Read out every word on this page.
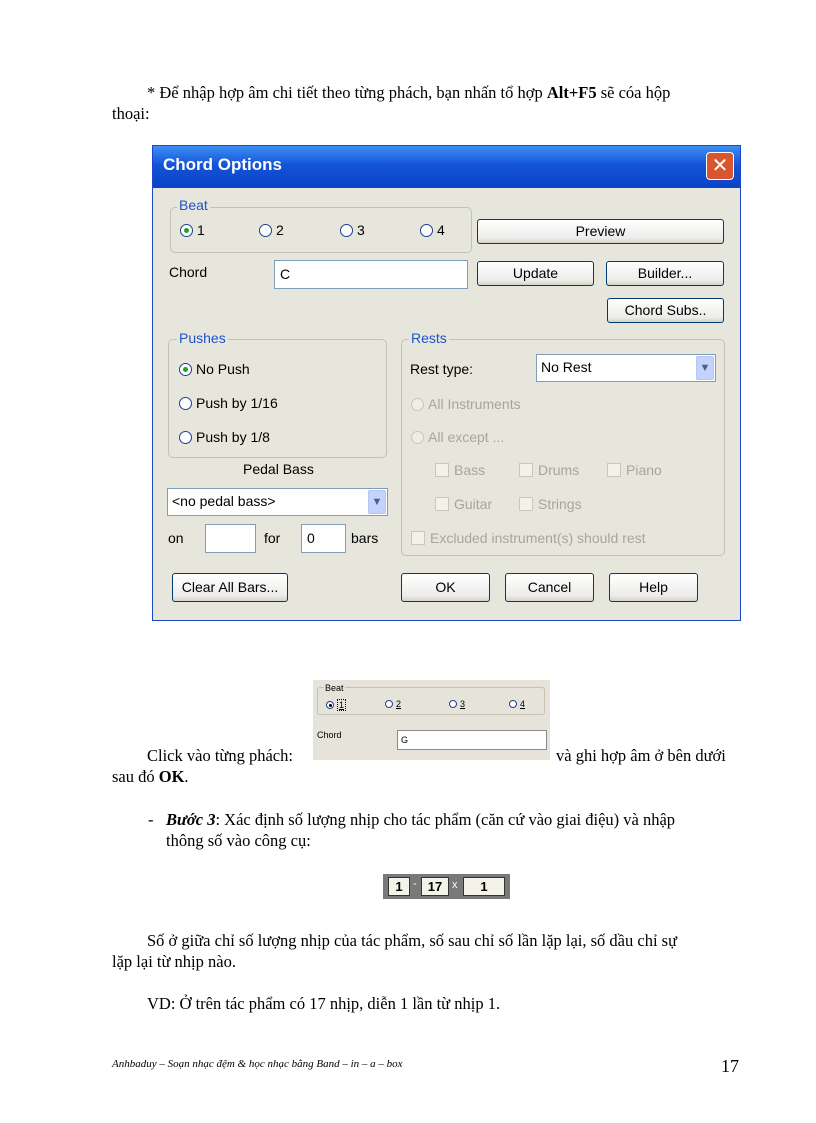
* Để nhập hợp âm chi tiết theo từng phách, bạn nhấn tổ hợp Alt+F5 sẽ cóa hộp
thoại:
Chord Options	✕
Beat
1	2	3	4	Preview
Chord	C	Update	Builder...
Chord Subs..
Pushes
No Push
Push by 1/16
Push by 1/8
Pedal Bass
<no pedal bass>	▼
on	for	0	bars
Rests
Rest type:	No Rest	▼
All Instruments
All except ...
Bass	Drums	Piano
Guitar	Strings
Excluded instrument(s) should rest
Clear All Bars...	OK	Cancel	Help
Beat
1	2	3	4
Chord	G
Click vào từng phách:	và ghi hợp âm ở bên dưới
sau đó OK.
- Bước 3: Xác định số lượng nhịp cho tác phẩm (căn cứ vào giai điệu) và nhập
thông số vào công cụ:
1 - 17 x	1
Số ở giữa chỉ số lượng nhịp của tác phẩm, số sau chỉ số lần lặp lại, số dầu chỉ sự
lặp lại từ nhịp nào.
VD: Ở trên tác phẩm có 17 nhịp, diễn 1 lần từ nhịp 1.
Anhbaduy – Soạn nhạc đệm & học nhạc bằng Band – in – a – box	17
